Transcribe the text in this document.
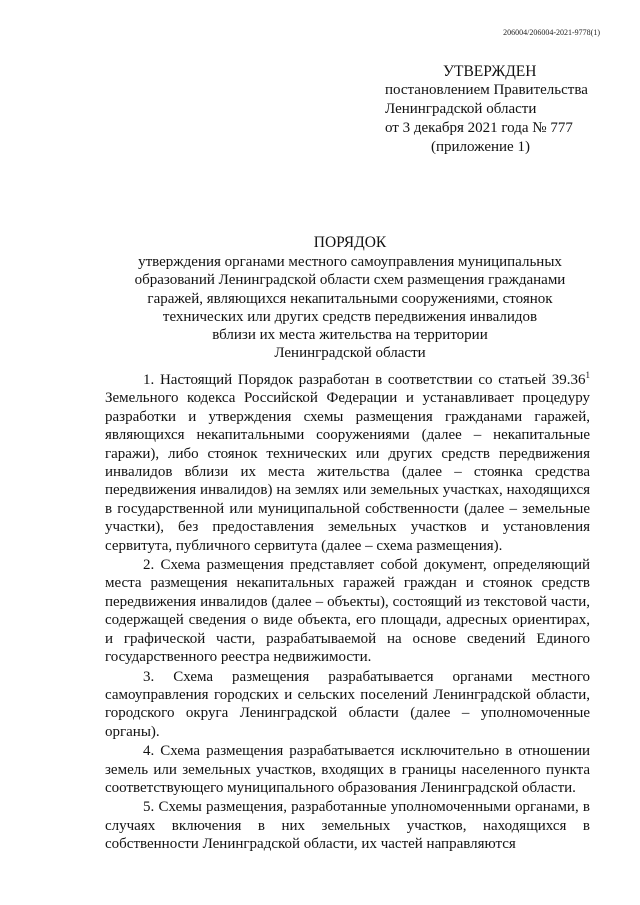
206004/206004-2021-9778(1)
УТВЕРЖДЕН
постановлением Правительства
Ленинградской области
от 3 декабря 2021 года № 777
(приложение 1)
ПОРЯДОК
утверждения органами местного самоуправления муниципальных
образований Ленинградской области схем размещения гражданами
гаражей, являющихся некапитальными сооружениями, стоянок
технических или других средств передвижения инвалидов
вблизи их места жительства на территории
Ленинградской области

1. Настоящий Порядок разработан в соответствии со статьей 39.36$^1$ Земельного кодекса Российской Федерации и устанавливает процедуру разработки и утверждения схемы размещения гражданами гаражей, являющихся некапитальными сооружениями (далее – некапитальные гаражи), либо стоянок технических или других средств передвижения инвалидов вблизи их места жительства (далее – стоянка средства передвижения инвалидов) на землях или земельных участках, находящихся в государственной или муниципальной собственности (далее – земельные участки), без предоставления земельных участков и установления сервитута, публичного сервитута (далее – схема размещения).

2. Схема размещения представляет собой документ, определяющий места размещения некапитальных гаражей граждан и стоянок средств передвижения инвалидов (далее – объекты), состоящий из текстовой части, содержащей сведения о виде объекта, его площади, адресных ориентирах, и графической части, разрабатываемой на основе сведений Единого государственного реестра недвижимости.

3. Схема размещения разрабатывается органами местного самоуправления городских и сельских поселений Ленинградской области, городского округа Ленинградской области (далее – уполномоченные органы).

4. Схема размещения разрабатывается исключительно в отношении земель или земельных участков, входящих в границы населенного пункта соответствующего муниципального образования Ленинградской области.

5. Схемы размещения, разработанные уполномоченными органами, в случаях включения в них земельных участков, находящихся в собственности Ленинградской области, их частей направляются
